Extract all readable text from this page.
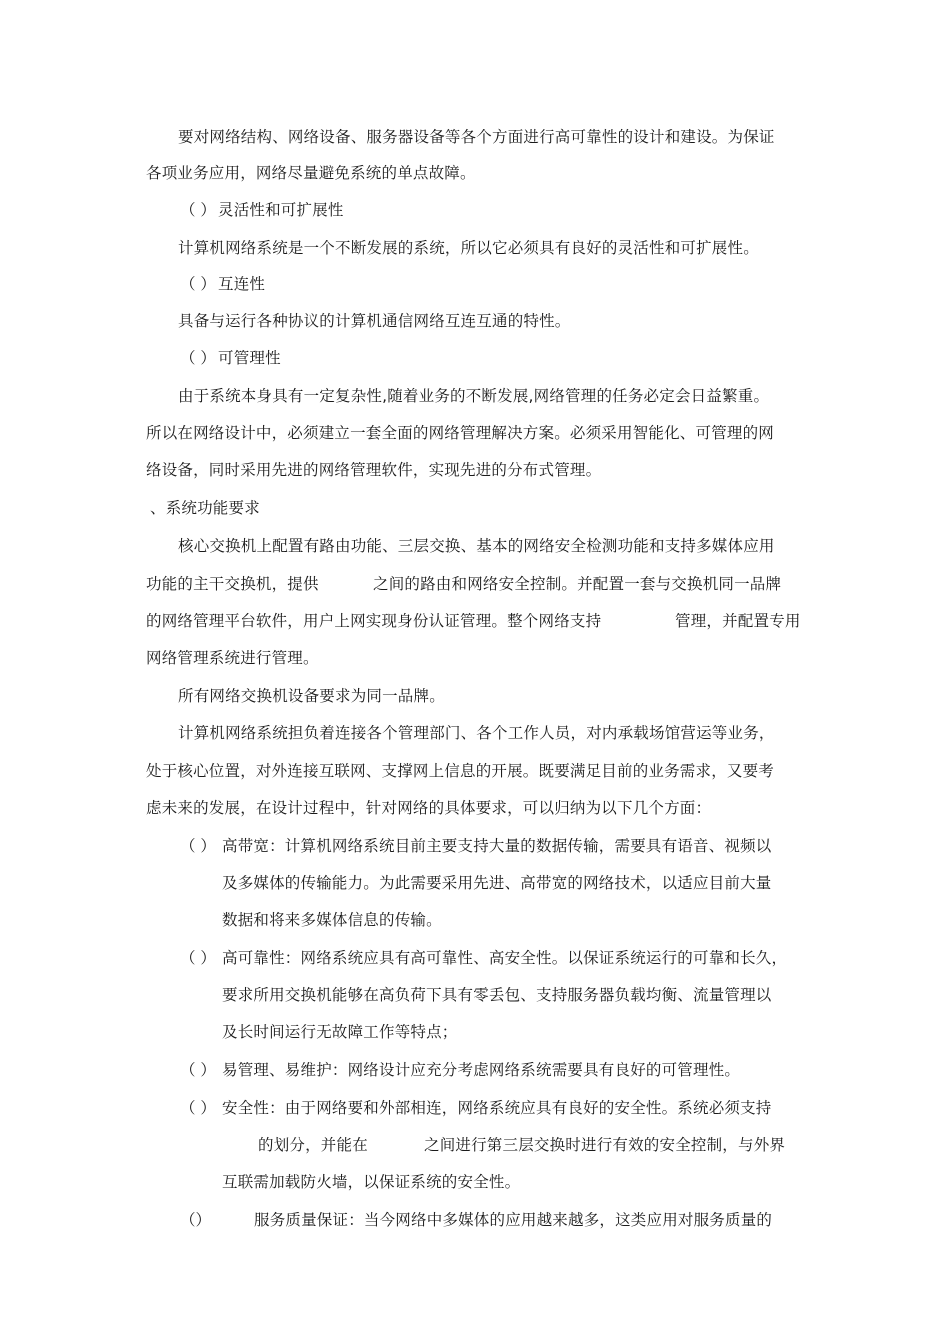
要对网络结构、网络设备、服务器设备等各个方面进行高可靠性的设计和建设。为保证
各项业务应用，网络尽量避免系统的单点故障。
（ ） 灵活性和可扩展性
计算机网络系统是一个不断发展的系统，所以它必须具有良好的灵活性和可扩展性。
（ ） 互连性
具备与运行各种协议的计算机通信网络互连互通的特性。
（ ） 可管理性
由于系统本身具有一定复杂性,随着业务的不断发展,网络管理的任务必定会日益繁重。
所以在网络设计中，必须建立一套全面的网络管理解决方案。必须采用智能化、可管理的网
络设备，同时采用先进的网络管理软件，实现先进的分布式管理。
、系统功能要求
核心交换机上配置有路由功能、三层交换、基本的网络安全检测功能和支持多媒体应用
功能的主干交换机，提供	之间的路由和网络安全控制。并配置一套与交换机同一品牌
的网络管理平台软件，用户上网实现身份认证管理。整个网络支持	管理，并配置专用
网络管理系统进行管理。
所有网络交换机设备要求为同一品牌。
计算机网络系统担负着连接各个管理部门、各个工作人员，对内承载场馆营运等业务，
处于核心位置，对外连接互联网、支撑网上信息的开展。既要满足目前的业务需求，又要考
虑未来的发展，在设计过程中，针对网络的具体要求，可以归纳为以下几个方面：
（ ） 高带宽：计算机网络系统目前主要支持大量的数据传输，需要具有语音、视频以
及多媒体的传输能力。为此需要采用先进、高带宽的网络技术，以适应目前大量
数据和将来多媒体信息的传输。
（ ） 高可靠性：网络系统应具有高可靠性、高安全性。以保证系统运行的可靠和长久，
要求所用交换机能够在高负荷下具有零丢包、支持服务器负载均衡、流量管理以
及长时间运行无故障工作等特点；
（ ） 易管理、易维护：网络设计应充分考虑网络系统需要具有良好的可管理性。
（ ） 安全性：由于网络要和外部相连，网络系统应具有良好的安全性。系统必须支持
的划分，并能在	之间进行第三层交换时进行有效的安全控制，与外界
互联需加载防火墙，以保证系统的安全性。
（）	服务质量保证：当今网络中多媒体的应用越来越多，这类应用对服务质量的
